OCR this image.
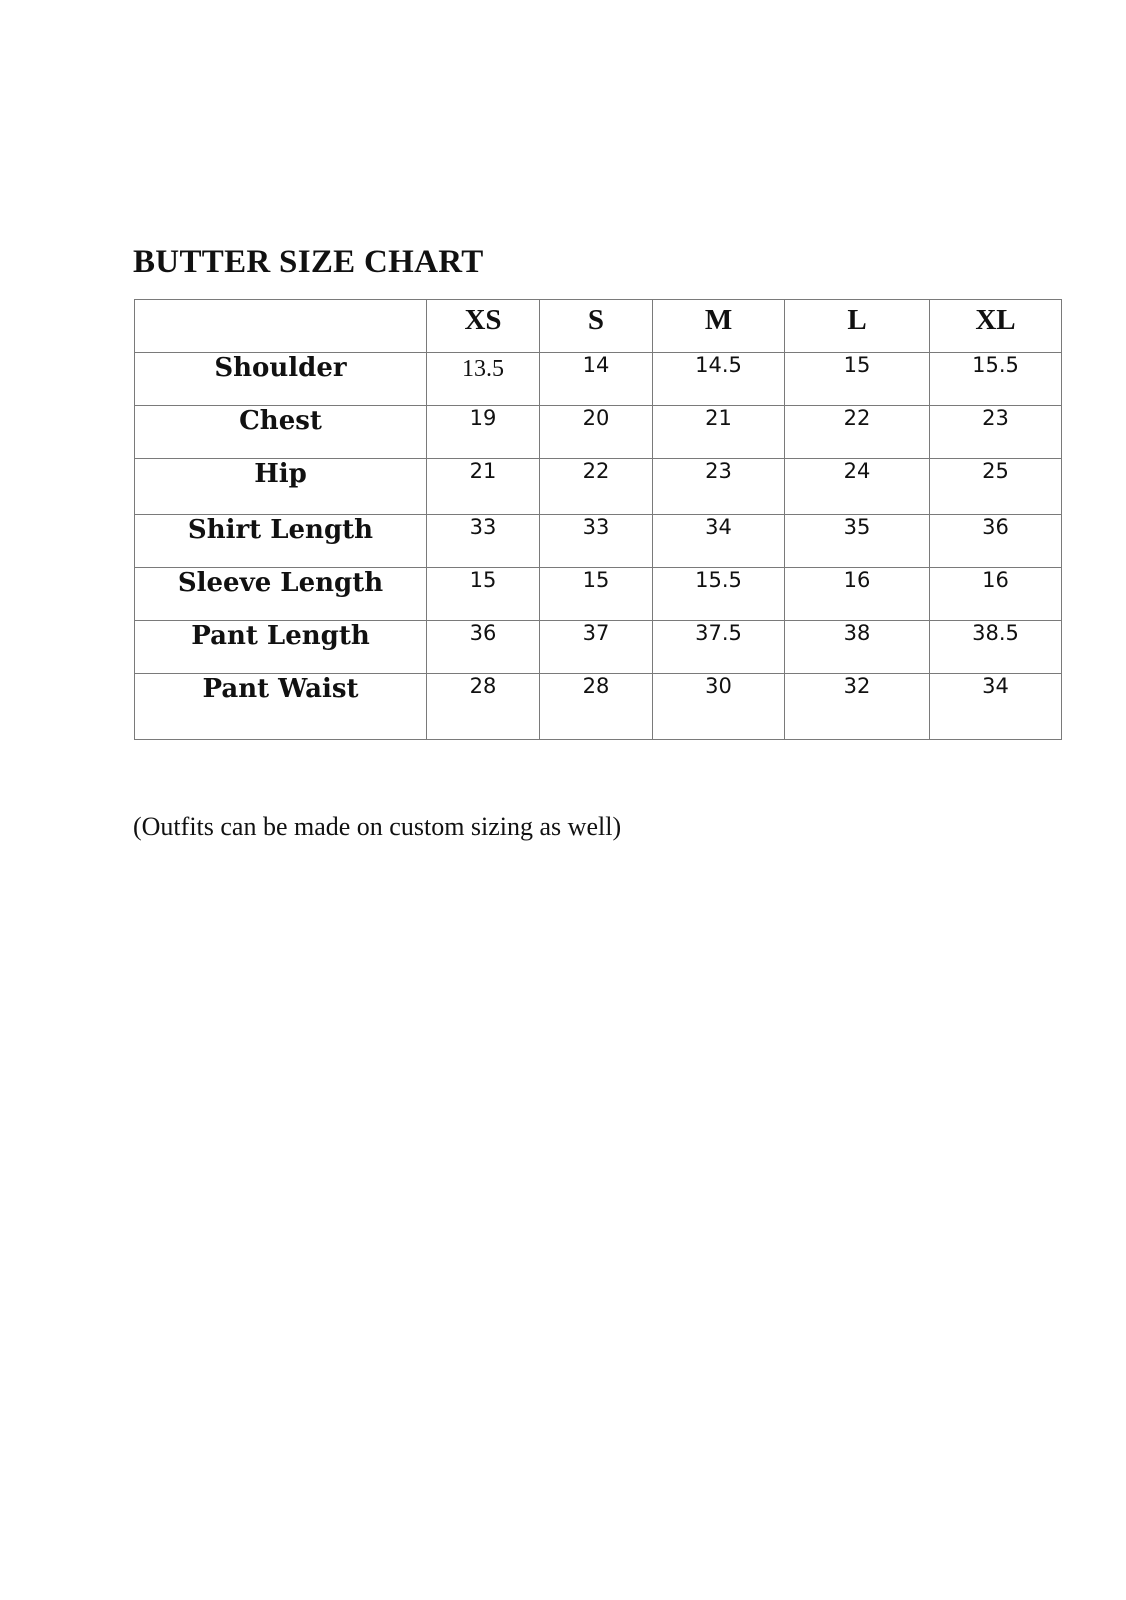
BUTTER SIZE CHART
	XS	S	M	L	XL
Shoulder	13.5	14	14.5	15	15.5
Chest	19	20	21	22	23
Hip	21	22	23	24	25
Shirt Length	33	33	34	35	36
Sleeve Length	15	15	15.5	16	16
Pant Length	36	37	37.5	38	38.5
Pant Waist	28	28	30	32	34
(Outfits can be made on custom sizing as well)
